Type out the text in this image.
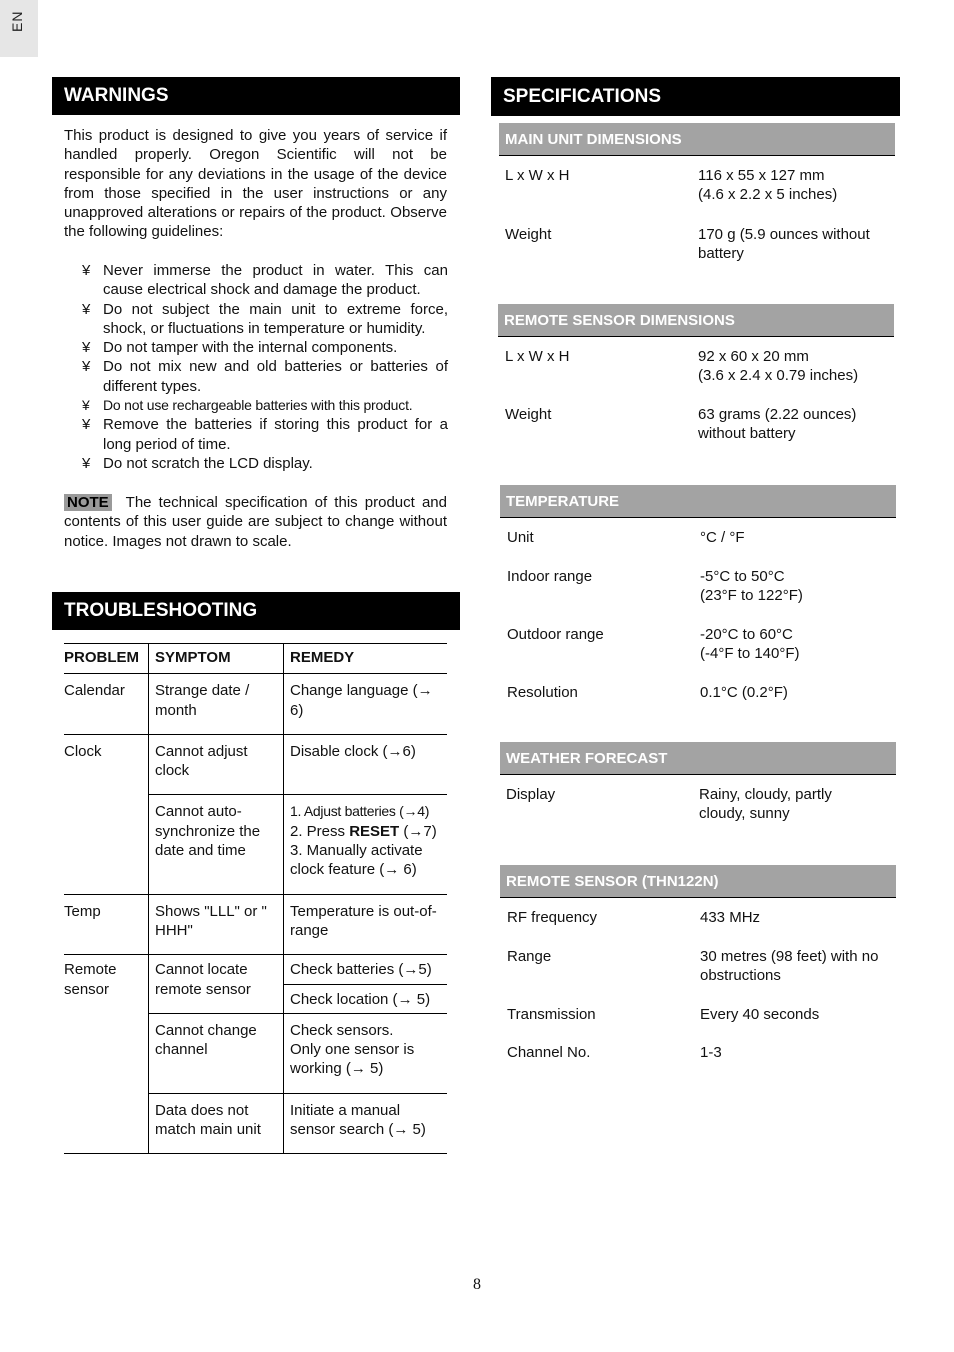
EN
WARNINGS
This product is designed to give you years of service if handled properly. Oregon Scientific will not be responsible for any deviations in the usage of the device from those specified in the user instructions or any unapproved alterations or repairs of the product. Observe the following guidelines:
¥ Never immerse the product in water. This can cause electrical shock and damage the product.
¥ Do not subject the main unit to extreme force, shock, or fluctuations in temperature or humidity.
¥ Do not tamper with the internal components.
¥ Do not mix new and old batteries or batteries of different types.
¥ Do not use rechargeable batteries with this product.
¥ Remove the batteries if storing this product for a long period of time.
¥ Do not scratch the LCD display.
NOTE The technical specification of this product and contents of this user guide are subject to change without notice. Images not drawn to scale.
TROUBLESHOOTING
PROBLEM	SYMPTOM	REMEDY
Calendar	Strange date / month	Change language (→6)
Clock	Cannot adjust clock	Disable clock (→6)
	Cannot auto-synchronize the date and time	1. Adjust batteries (→4)
2. Press RESET (→7)
3. Manually activate clock feature (→ 6)

Temp	Shows "LLL" or " HHH"	Temperature is out-of-range
Remote sensor	Cannot locate remote sensor	Check batteries (→5)
		Check location (→ 5)
	Cannot change channel	Check sensors.
Only one sensor is working (→ 5)

	Data does not match main unit	Initiate a manual sensor search (→ 5)
SPECIFICATIONS
MAIN UNIT DIMENSIONS
L x W x H	116 x 55 x 127 mm
(4.6 x 2.2 x 5 inches)
Weight	170 g (5.9 ounces without
battery
REMOTE SENSOR DIMENSIONS
L x W x H	92 x 60 x 20 mm
(3.6 x 2.4 x 0.79 inches)
Weight	63 grams (2.22 ounces)
without battery
TEMPERATURE
Unit	°C / °F
Indoor range	-5°C to 50°C
(23°F to 122°F)
Outdoor range	-20°C to 60°C
(-4°F to 140°F)
Resolution	0.1°C (0.2°F)
WEATHER FORECAST
Display	Rainy, cloudy, partly
cloudy, sunny
REMOTE SENSOR (THN122N)
RF frequency	433 MHz
Range	30 metres (98 feet) with no
obstructions
Transmission	Every 40 seconds
Channel No.	1-3
8
